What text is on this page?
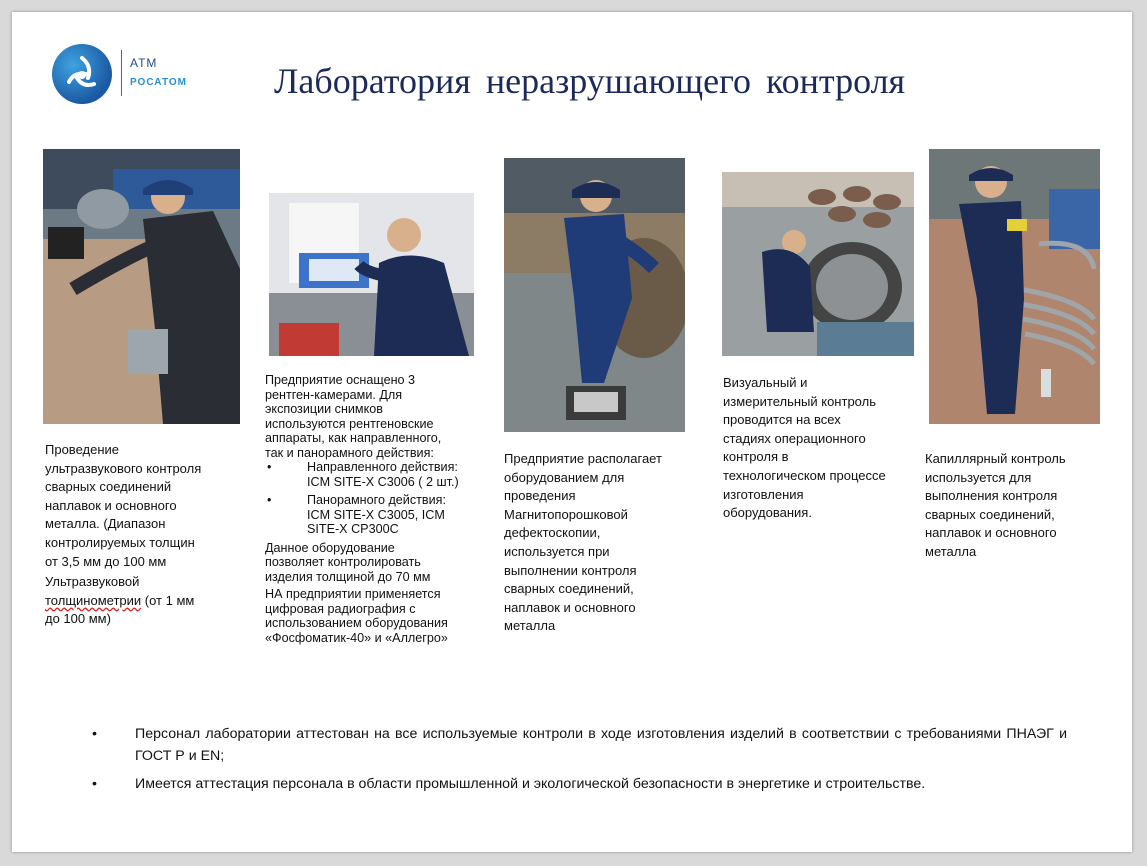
АТМ
РОСАТОМ Лаборатория неразрушающего контроля

Проведение

ультразвукового контроля

сварных соединений

наплавок и основного

металла. (Диапазон

контролируемых толщин

от 3,5 мм до 100 мм

Ультразвуковой

толщинометрии (от 1 мм

до 100 мм)

Предприятие оснащено 3

рентген-камерами. Для

экспозиции снимков

используются рентгеновские

аппараты, как направленного,

так и панорамного действия:

•	Направленного действия:

ICM SITE-X C3006 ( 2 шт.)

•	Панорамного действия:

ICM SITE-X C3005, ICM

SITE-X CP300C

Данное оборудование

позволяет контролировать

изделия толщиной до 70 мм

НА предприятии применяется

цифровая радиография с

использованием оборудования

«Фосфоматик-40» и «Аллегро»

Предприятие располагает

оборудованием для

проведения

Магнитопорошковой

дефектоскопии,

используется при

выполнении контроля

сварных соединений,

наплавок и основного

металла

Визуальный и

измерительный контроль

проводится на всех

стадиях операционного

контроля в

технологическом процессе

изготовления

оборудования.

Капиллярный контроль

используется для

выполнения контроля

сварных соединений,

наплавок и основного

металла

•	Персонал лаборатории аттестован на все используемые контроли в ходе изготовления изделий в соответствии с требованиями ПНАЭГ и ГОСТ Р и EN;
•	Имеется аттестация персонала в области промышленной и экологической безопасности в энергетике и строительстве.
